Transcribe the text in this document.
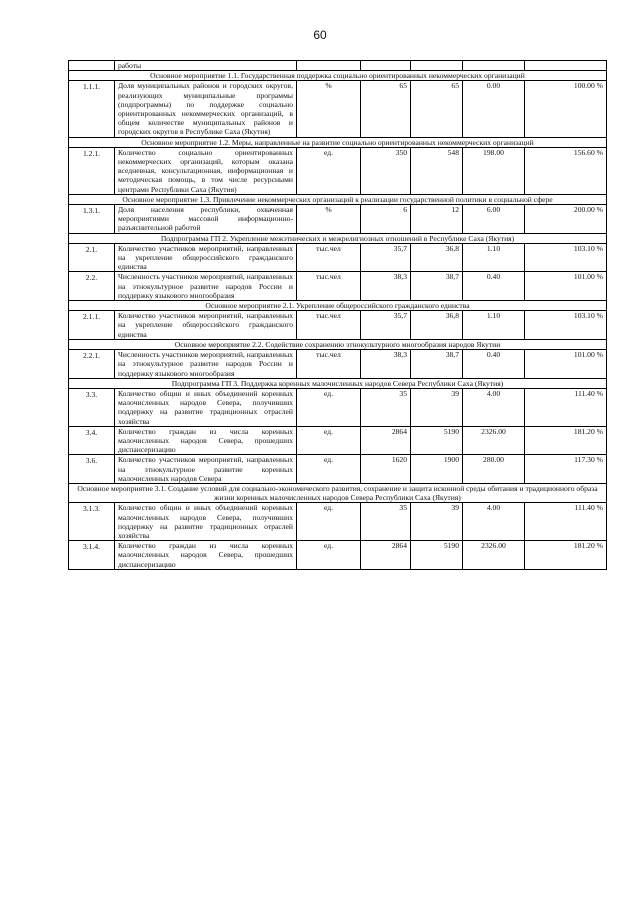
60
	работы					
Основное мероприятие 1.1. Государственная поддержка социально ориентированных некоммерческих организаций						
1.1.1.	Доля муниципальных районов и городских округов, реализующих муниципальные программы (подпрограммы) по поддержке социально ориентированных некоммерческих организаций, в общем количестве муниципальных районов и городских округов в Республике Саха (Якутия)	%	65	65	0.00	100.00 %
Основное мероприятие 1.2. Меры, направленные на развитие социально ориентированных некоммерческих организаций						
1.2.1.	Количество социально ориентированных некоммерческих организаций, которым оказана вседневная, консультационная, информационная и методическая помощь, в том числе ресурсными центрами Республики Саха (Якутия)	ед.	350	548	198.00	156.60 %
Основное мероприятие 1.3. Привлечение некоммерческих организаций к реализации государственной политики в социальной сфере						
1.3.1.	Доля населения республики, охваченная мероприятиями массовой информационно-разъяснительной работой	%	6	12	6.00	200.00 %
Подпрограмма ГП 2. Укрепление межэтнических и межрелигиозных отношений в Республике Саха (Якутия)						
2.1.	Количество участников мероприятий, направленных на укрепление общероссийского гражданского единства	тыс.чел	35,7	36,8	1.10	103.10 %
2.2.	Численность участников мероприятий, направленных на этнокультурное развитие народов России и поддержку языкового многообразия	тыс.чел	38,3	38,7	0.40	101.00 %
Основное мероприятие 2.1. Укрепление общероссийского гражданского единства						
2.1.1.	Количество участников мероприятий, направленных на укрепление общероссийского гражданского единства	тыс.чел	35,7	36,8	1.10	103.10 %
Основное мероприятие 2.2. Содействие сохранению этнокультурного многообразия народов Якутии						
2.2.1.	Численность участников мероприятий, направленных на этнокультурное развитие народов России и поддержку языкового многообразия	тыс.чел	38,3	38,7	0.40	101.00 %
Подпрограмма ГП 3. Поддержка коренных малочисленных народов Севера Республики Саха (Якутия)						
3.3.	Количество общин и иных объединений коренных малочисленных народов Севера, получивших поддержку на развитие традиционных отраслей хозяйства	ед.	35	39	4.00	111.40 %
3.4.	Количество граждан из числа коренных малочисленных народов Севера, прошедших диспансеризацию	ед.	2864	5190	2326.00	181.20 %
3.6.	Количество участников мероприятий, направленных на этнокультурное развитие коренных малочисленных народов Севера	ед.	1620	1900	280.00	117.30 %
Основное мероприятие 3.1. Создание условий для социально-экономического развития, сохранение и защита исконной среды обитания и традиционного образа жизни коренных малочисленных народов Севера Республики Саха (Якутия)						
3.1.3.	Количество общин и иных объединений коренных малочисленных народов Севера, получивших поддержку на развитие традиционных отраслей хозяйства	ед.	35	39	4.00	111.40 %
3.1.4.	Количество граждан из числа коренных малочисленных народов Севера, прошедших диспансеризацию	ед.	2864	5190	2326.00	181.20 %
